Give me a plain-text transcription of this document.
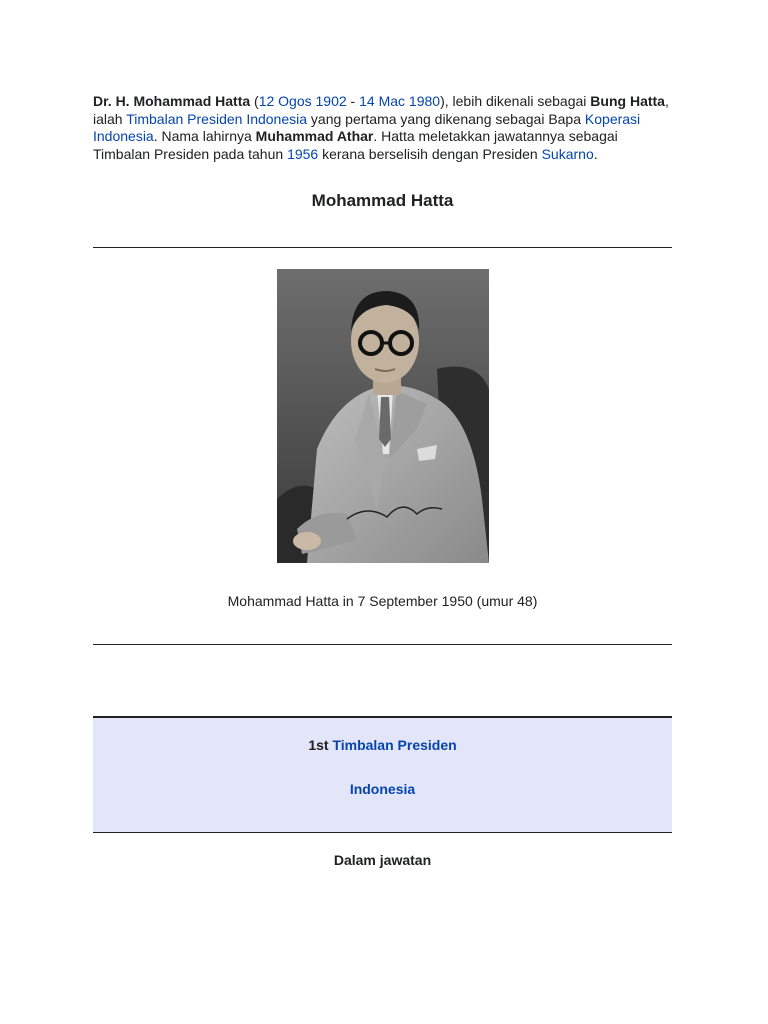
Dr. H. Mohammad Hatta (12 Ogos 1902 - 14 Mac 1980), lebih dikenali sebagai Bung Hatta, ialah Timbalan Presiden Indonesia yang pertama yang dikenang sebagai Bapa Koperasi Indonesia. Nama lahirnya Muhammad Athar. Hatta meletakkan jawatannya sebagai Timbalan Presiden pada tahun 1956 kerana berselisih dengan Presiden Sukarno.

Mohammad Hatta

Mohammad Hatta in 7 September 1950 (umur 48)

1st Timbalan Presiden
Indonesia
Dalam jawatan
